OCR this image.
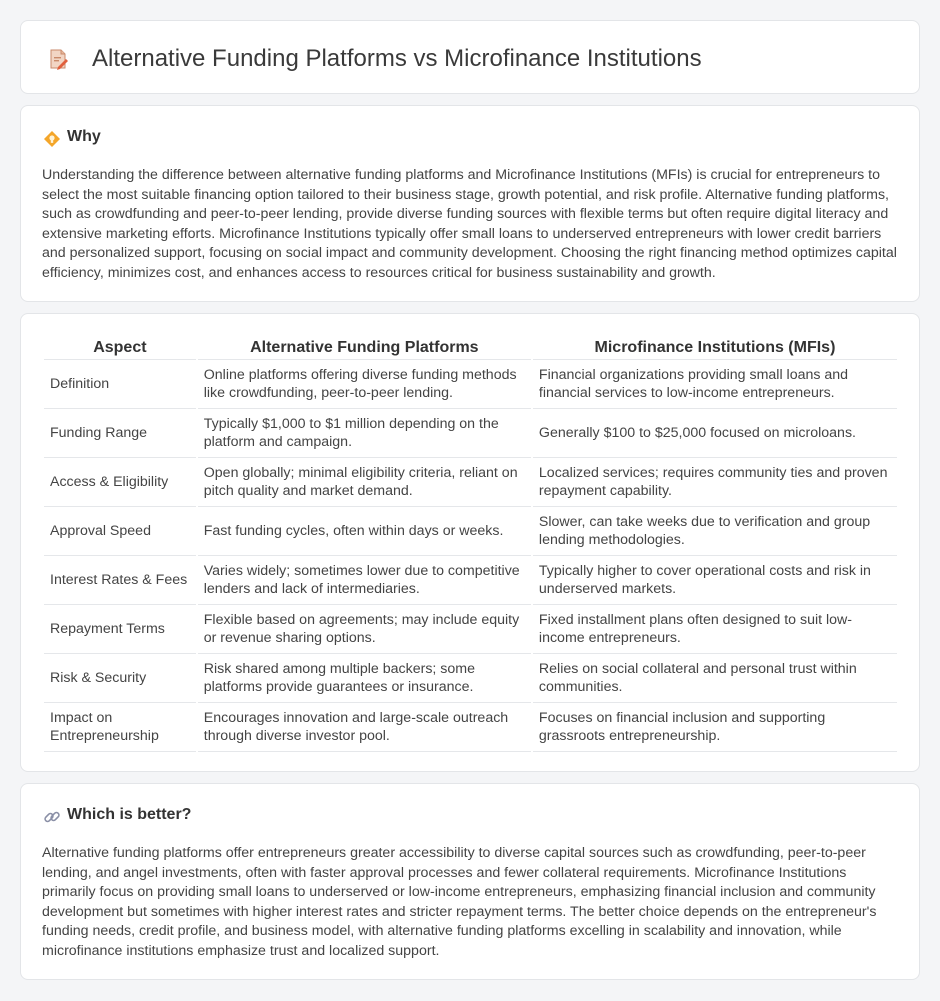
Alternative Funding Platforms vs Microfinance Institutions
Why

Understanding the difference between alternative funding platforms and Microfinance Institutions (MFIs) is crucial for entrepreneurs to select the most suitable financing option tailored to their business stage, growth potential, and risk profile. Alternative funding platforms, such as crowdfunding and peer-to-peer lending, provide diverse funding sources with flexible terms but often require digital literacy and extensive marketing efforts. Microfinance Institutions typically offer small loans to underserved entrepreneurs with lower credit barriers and personalized support, focusing on social impact and community development. Choosing the right financing method optimizes capital efficiency, minimizes cost, and enhances access to resources critical for business sustainability and growth.

Aspect	Alternative Funding Platforms	Microfinance Institutions (MFIs)
Definition	Online platforms offering diverse funding methods like crowdfunding, peer-to-peer lending.	Financial organizations providing small loans and financial services to low-income entrepreneurs.
Funding Range	Typically $1,000 to $1 million depending on the platform and campaign.	Generally $100 to $25,000 focused on microloans.
Access & Eligibility	Open globally; minimal eligibility criteria, reliant on pitch quality and market demand.	Localized services; requires community ties and proven repayment capability.
Approval Speed	Fast funding cycles, often within days or weeks.	Slower, can take weeks due to verification and group lending methodologies.
Interest Rates & Fees	Varies widely; sometimes lower due to competitive lenders and lack of intermediaries.	Typically higher to cover operational costs and risk in underserved markets.
Repayment Terms	Flexible based on agreements; may include equity or revenue sharing options.	Fixed installment plans often designed to suit low-income entrepreneurs.
Risk & Security	Risk shared among multiple backers; some platforms provide guarantees or insurance.	Relies on social collateral and personal trust within communities.
Impact on Entrepreneurship	Encourages innovation and large-scale outreach through diverse investor pool.	Focuses on financial inclusion and supporting grassroots entrepreneurship.
Which is better?

Alternative funding platforms offer entrepreneurs greater accessibility to diverse capital sources such as crowdfunding, peer-to-peer lending, and angel investments, often with faster approval processes and fewer collateral requirements. Microfinance Institutions primarily focus on providing small loans to underserved or low-income entrepreneurs, emphasizing financial inclusion and community development but sometimes with higher interest rates and stricter repayment terms. The better choice depends on the entrepreneur's funding needs, credit profile, and business model, with alternative funding platforms excelling in scalability and innovation, while microfinance institutions emphasize trust and localized support.
